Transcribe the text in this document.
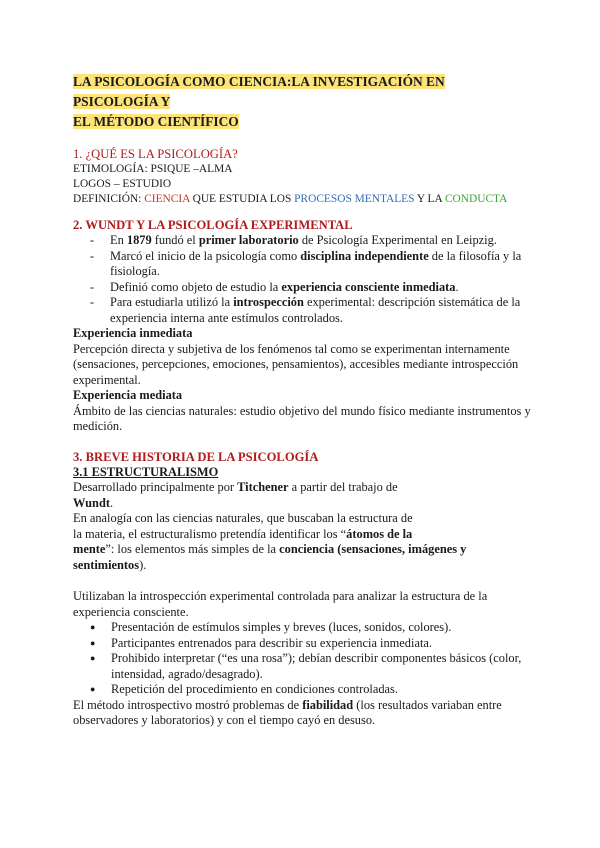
LA PSICOLOGÍA COMO CIENCIA:LA INVESTIGACIÓN EN PSICOLOGÍA Y
EL MÉTODO CIENTÍFICO
1. ¿QUÉ ES LA PSICOLOGÍA?

ETIMOLOGÍA: PSIQUE –ALMA

LOGOS – ESTUDIO

DEFINICIÓN: CIENCIA QUE ESTUDIA LOS PROCESOS MENTALES Y LA CONDUCTA

2. WUNDT Y LA PSICOLOGÍA EXPERIMENTAL
- En 1879 fundó el primer laboratorio de Psicología Experimental en Leipzig.
- Marcó el inicio de la psicología como disciplina independiente de la filosofía y la fisiología.
- Definió como objeto de estudio la experiencia consciente inmediata.
- Para estudiarla utilizó la introspección experimental: descripción sistemática de la experiencia interna ante estímulos controlados.

Experiencia inmediata

Percepción directa y subjetiva de los fenómenos tal como se experimentan internamente (sensaciones, percepciones, emociones, pensamientos), accesibles mediante introspección experimental.

Experiencia mediata

Ámbito de las ciencias naturales: estudio objetivo del mundo físico mediante instrumentos y medición.

3. BREVE HISTORIA DE LA PSICOLOGÍA

3.1 ESTRUCTURALISMO

Desarrollado principalmente por Titchener a partir del trabajo de
Wundt.

En analogía con las ciencias naturales, que buscaban la estructura de
la materia, el estructuralismo pretendía identificar los “átomos de la
mente”: los elementos más simples de la conciencia (sensaciones, imágenes y
sentimientos).

Utilizaban la introspección experimental controlada para analizar la estructura de la experiencia consciente.

● Presentación de estímulos simples y breves (luces, sonidos, colores).
● Participantes entrenados para describir su experiencia inmediata.
● Prohibido interpretar (“es una rosa”); debían describir componentes básicos (color, intensidad, agrado/desagrado).
● Repetición del procedimiento en condiciones controladas.

El método introspectivo mostró problemas de fiabilidad (los resultados variaban entre observadores y laboratorios) y con el tiempo cayó en desuso.
